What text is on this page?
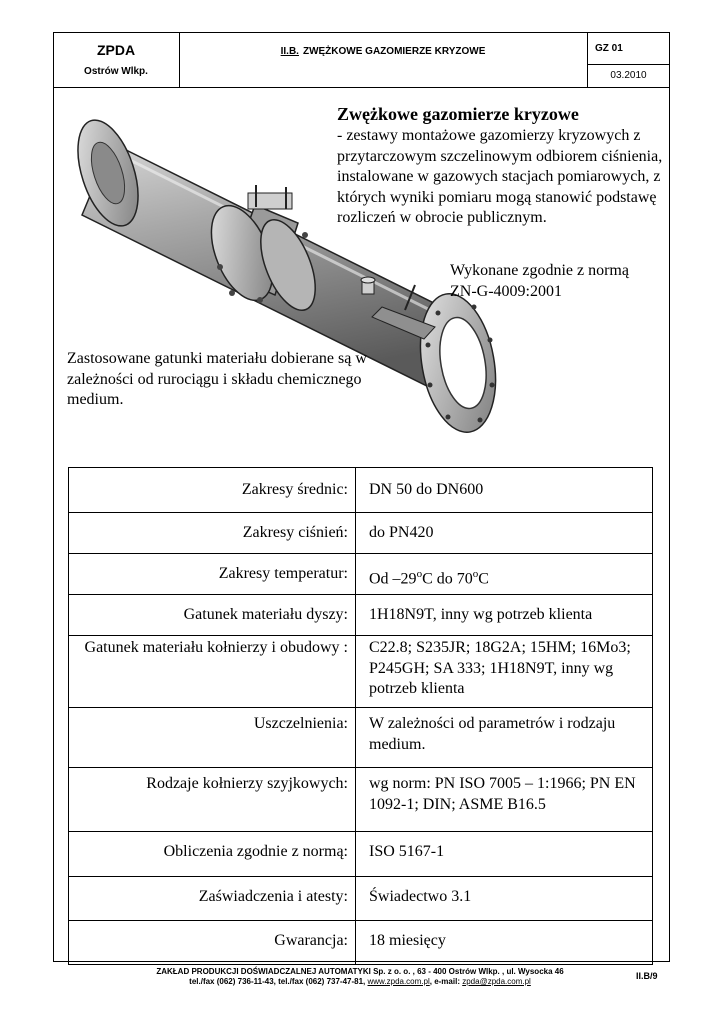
ZPDA
Ostrów Wlkp.
II.B. ZWĘŻKOWE GAZOMIERZE KRYZOWE	GZ 01
03.2010
Zwężkowe gazomierze kryzowe
- zestawy montażowe gazomierzy kryzowych z przytarczowym szczelinowym odbiorem ciśnienia, instalowane w gazowych stacjach pomiarowych, z których wyniki pomiaru mogą stanowić podstawę rozliczeń w obrocie publicznym.
Wykonane zgodnie z normą
ZN-G-4009:2001
Zastosowane gatunki materiału dobierane są w zależności od rurociągu i składu chemicznego medium.
Zakresy średnic:	DN 50 do DN600
Zakresy ciśnień:	do PN420
Zakresy temperatur:	Od –29$^o$C do 70$^o$C
Gatunek materiału dyszy:	1H18N9T, inny wg potrzeb klienta
Gatunek materiału kołnierzy i obudowy :	C22.8; S235JR; 18G2A; 15HM; 16Mo3; P245GH; SA 333; 1H18N9T, inny wg potrzeb klienta
Uszczelnienia:	W zależności od parametrów i rodzaju medium.
Rodzaje kołnierzy szyjkowych:	wg norm: PN ISO 7005 – 1:1966; PN EN 1092-1; DIN; ASME B16.5
Obliczenia zgodnie z normą:	ISO 5167-1
Zaświadczenia i atesty:	Świadectwo 3.1
Gwarancja:	18 miesięcy
ZAKŁAD PRODUKCJI DOŚWIADCZALNEJ AUTOMATYKI Sp. z o. o. , 63 - 400 Ostrów Wlkp. , ul. Wysocka 46
tel./fax (062) 736-11-43, tel./fax (062) 737-47-81, www.zpda.com.pl, e-mail: zpda@zpda.com.pl
II.B/9
